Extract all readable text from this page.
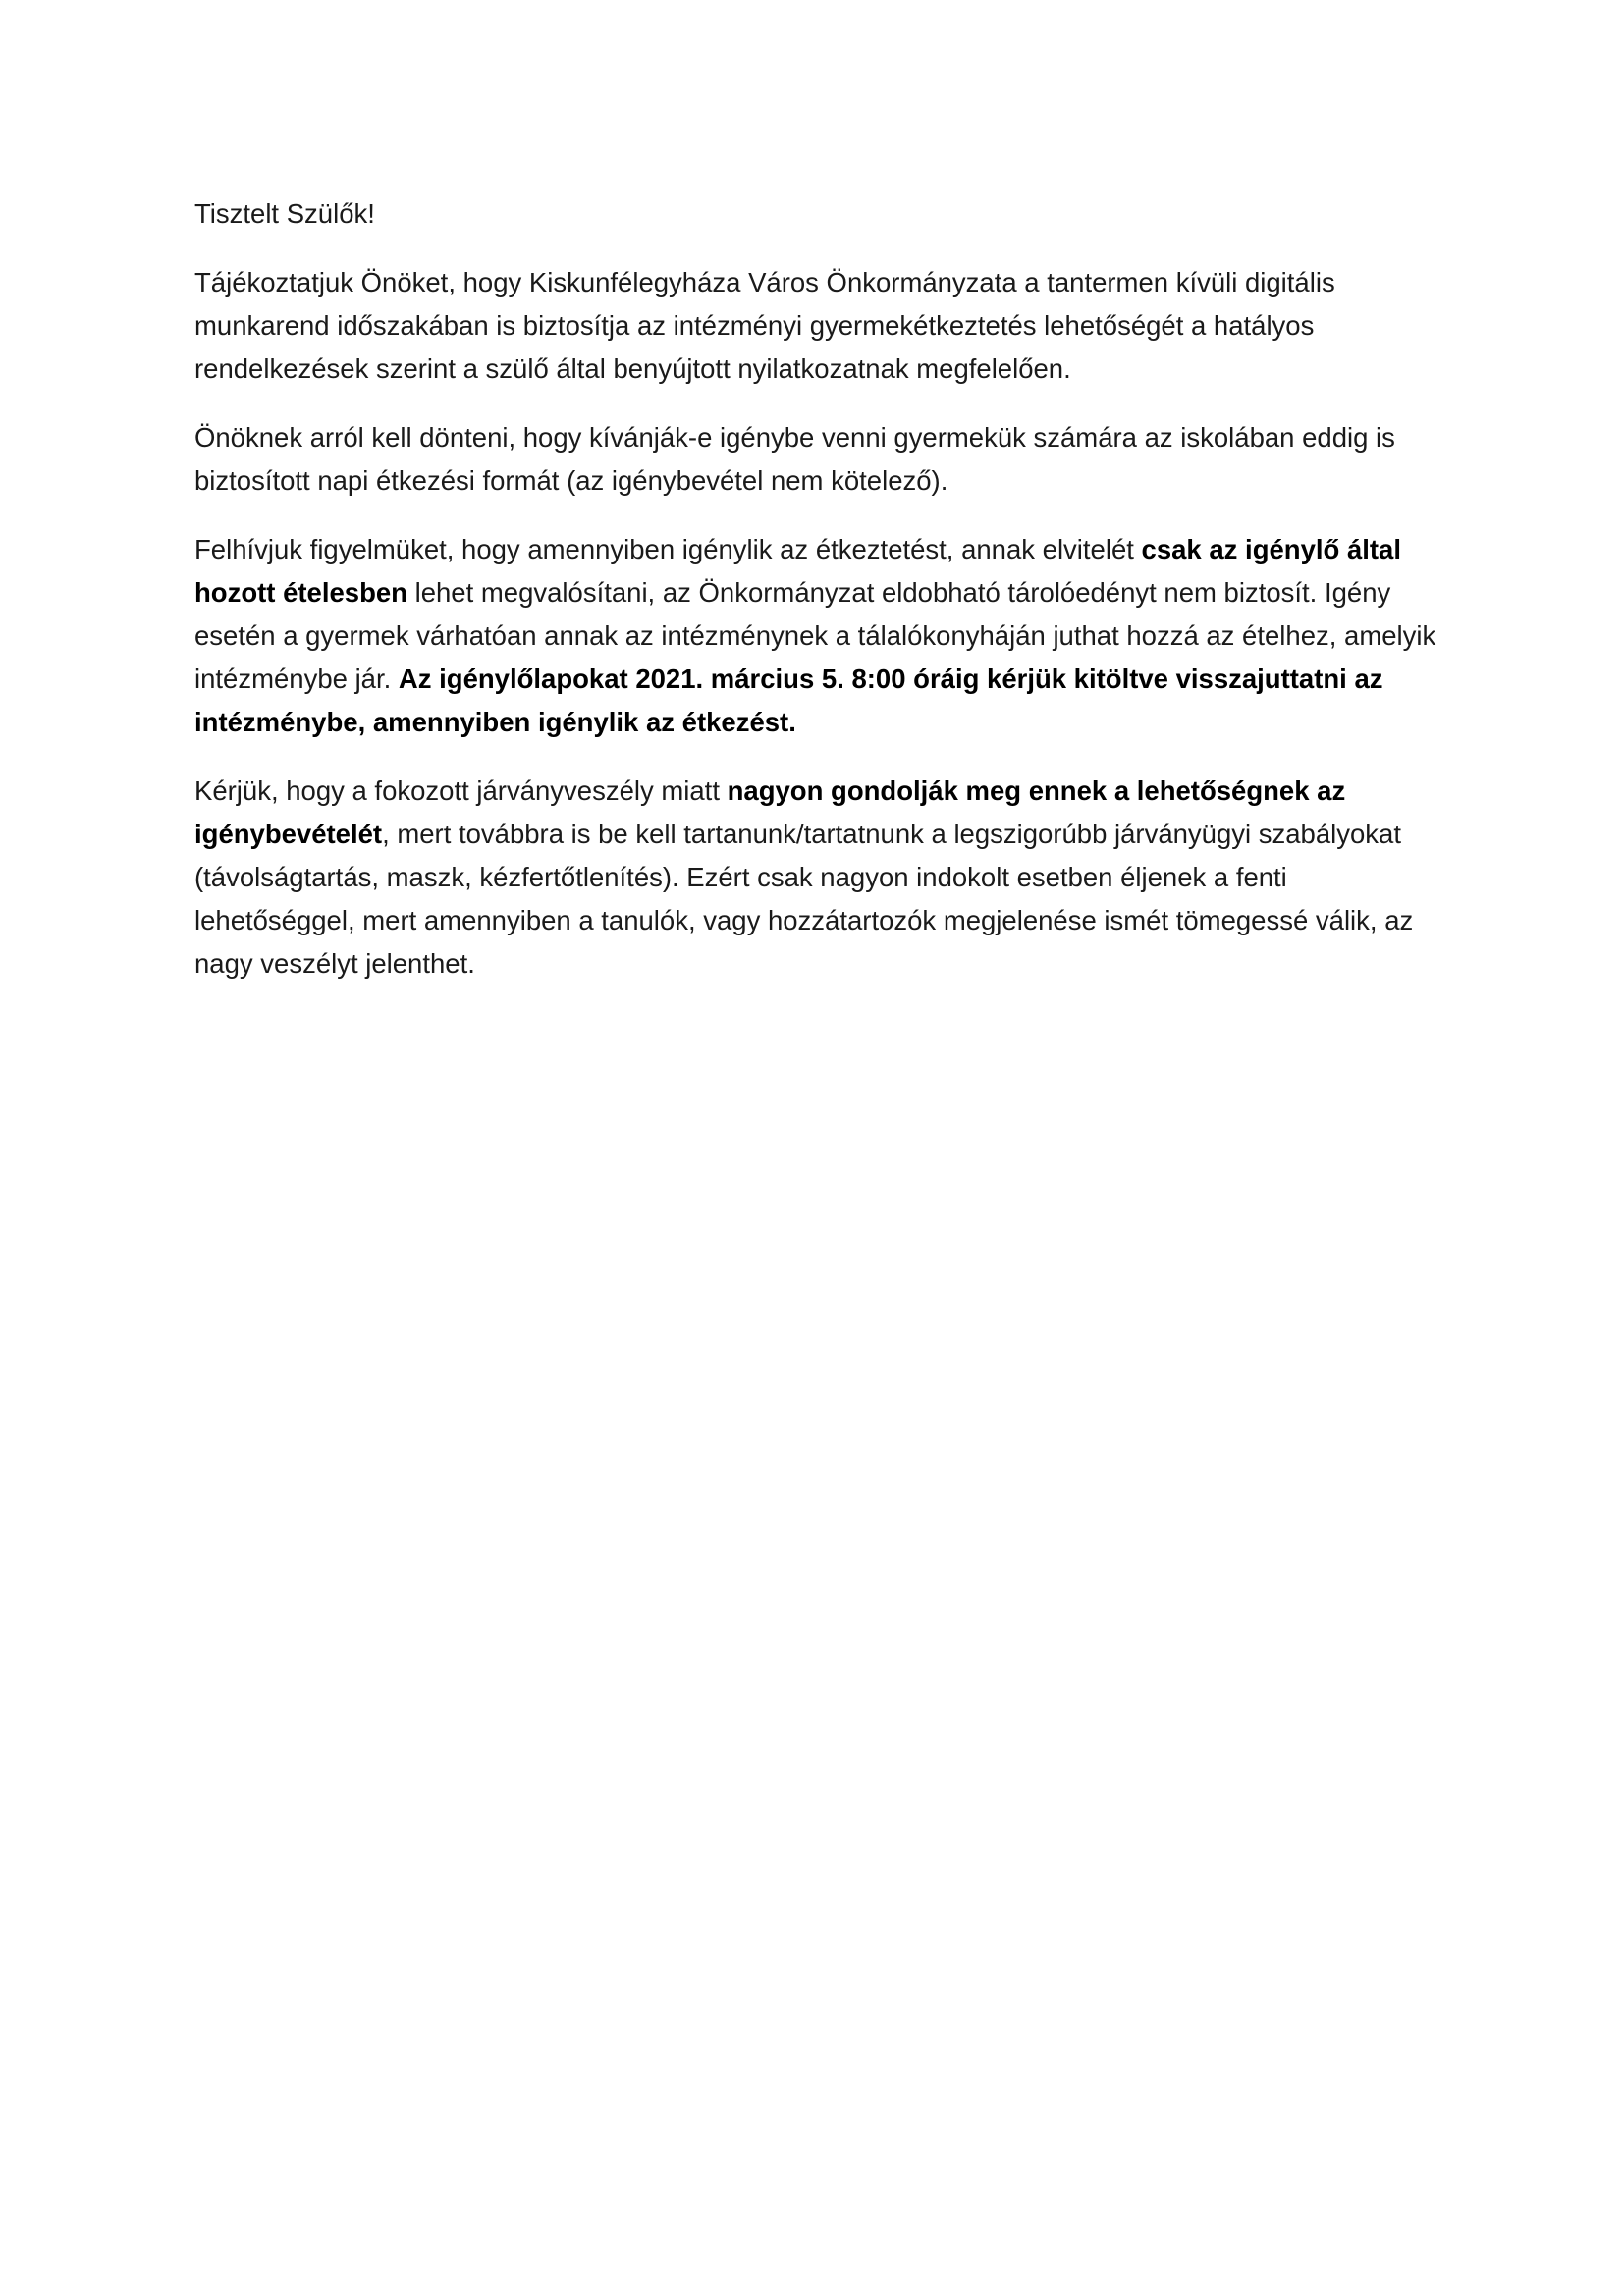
Tisztelt Szülők!

Tájékoztatjuk Önöket, hogy Kiskunfélegyháza Város Önkormányzata a tantermen kívüli digitális munkarend időszakában is biztosítja az intézményi gyermekétkeztetés lehetőségét a hatályos rendelkezések szerint a szülő által benyújtott nyilatkozatnak megfelelően.

Önöknek arról kell dönteni, hogy kívánják-e igénybe venni gyermekük számára az iskolában eddig is biztosított napi étkezési formát (az igénybevétel nem kötelező).

Felhívjuk figyelmüket, hogy amennyiben igénylik az étkeztetést, annak elvitelét csak az igénylő által hozott ételesben lehet megvalósítani, az Önkormányzat eldobható tárolóedényt nem biztosít. Igény esetén a gyermek várhatóan annak az intézménynek a tálalókonyháján juthat hozzá az ételhez, amelyik intézménybe jár. Az igénylőlapokat 2021. március 5. 8:00 óráig kérjük kitöltve visszajuttatni az intézménybe, amennyiben igénylik az étkezést.

Kérjük, hogy a fokozott járványveszély miatt nagyon gondolják meg ennek a lehetőségnek az igénybevételét, mert továbbra is be kell tartanunk/tartatnunk a legszigorúbb járványügyi szabályokat (távolságtartás, maszk, kézfertőtlenítés). Ezért csak nagyon indokolt esetben éljenek a fenti lehetőséggel, mert amennyiben a tanulók, vagy hozzátartozók megjelenése ismét tömegessé válik, az nagy veszélyt jelenthet.
